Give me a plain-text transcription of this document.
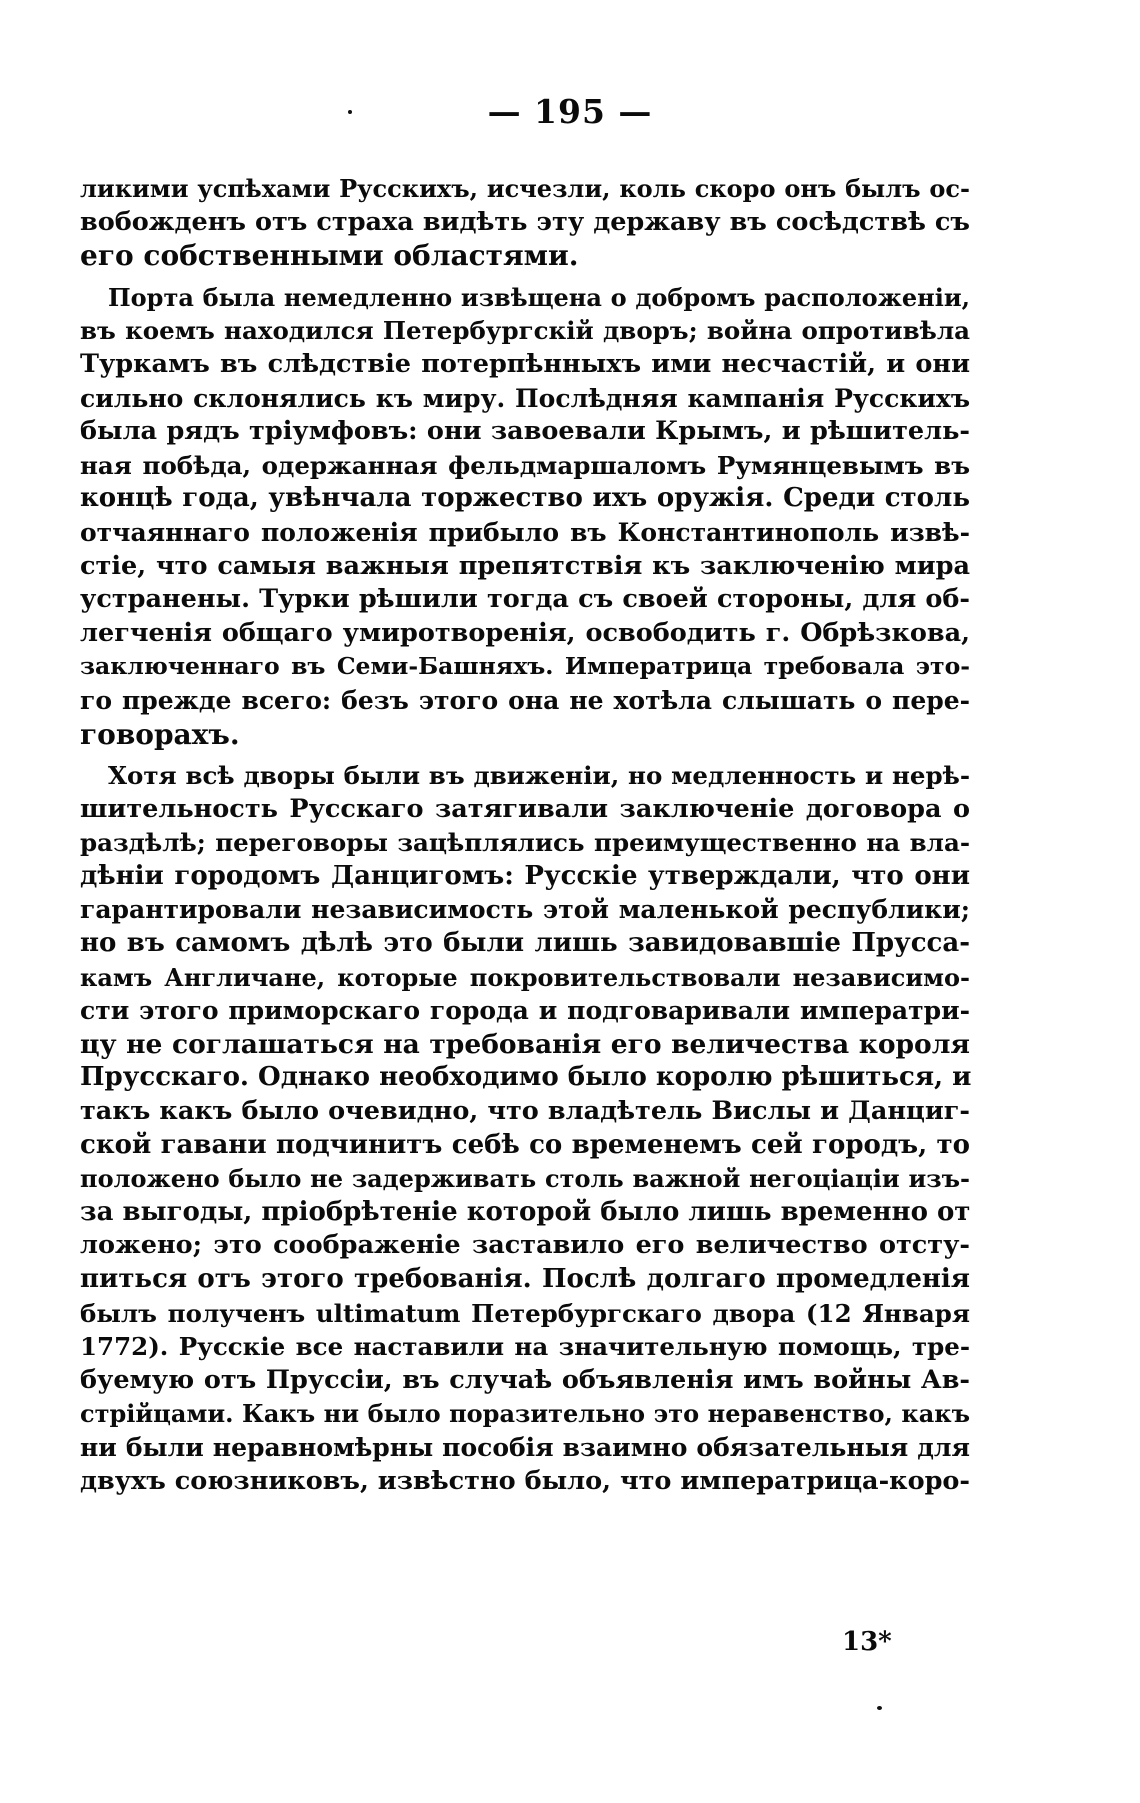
— 195 —
ликими успѣхами Русскихъ, исчезли, коль скоро онъ былъ ос-
вобожденъ отъ страха видѣть эту державу въ сосѣдствѣ съ
его собственными областями.
Порта была немедленно извѣщена о добромъ расположеніи,
въ коемъ находился Петербургскій дворъ; война опротивѣла
Туркамъ въ слѣдствіе потерпѣнныхъ ими несчастій, и они
сильно склонялись къ миру. Послѣдняя кампанія Русскихъ
была рядъ тріумфовъ: они завоевали Крымъ, и рѣшитель-
ная побѣда, одержанная фельдмаршаломъ Румянцевымъ въ
концѣ года, увѣнчала торжество ихъ оружія. Среди столь
отчаяннаго положенія прибыло въ Константинополь извѣ-
стіе, что самыя важныя препятствія къ заключенію мира
устранены. Турки рѣшили тогда съ своей стороны, для об-
легченія общаго умиротворенія, освободить г. Обрѣзкова,
заключеннаго въ Семи-Башняхъ. Императрица требовала это-
го прежде всего: безъ этого она не хотѣла слышать о пере-
говорахъ.
Хотя всѣ дворы были въ движеніи, но медленность и нерѣ-
шительность Русскаго затягивали заключеніе договора о
раздѣлѣ; переговоры зацѣплялись преимущественно на вла-
дѣніи городомъ Данцигомъ: Русскіе утверждали, что они
гарантировали независимость этой маленькой республики;
но въ самомъ дѣлѣ это были лишь завидовавшіе Прусса-
камъ Англичане, которые покровительствовали независимо-
сти этого приморскаго города и подговаривали императри-
цу не соглашаться на требованія его величества короля
Прусскаго. Однако необходимо было королю рѣшиться, и
такъ какъ было очевидно, что владѣтель Вислы и Данциг-
ской гавани подчинитъ себѣ со временемъ сей городъ, то
положено было не задерживать столь важной негоціаціи изъ-
за выгоды, пріобрѣтеніе которой было лишь временно от
ложено; это соображеніе заставило его величество отсту-
питься отъ этого требованія. Послѣ долгаго промедленія
былъ полученъ ultimatum Петербургскаго двора (12 Января
1772). Русскіе все наставили на значительную помощь, тре-
буемую отъ Пруссіи, въ случаѣ объявленія имъ войны Ав-
стрійцами. Какъ ни было поразительно это неравенство, какъ
ни были неравномѣрны пособія взаимно обязательныя для
двухъ союзниковъ, извѣстно было, что императрица-коро-
13*
